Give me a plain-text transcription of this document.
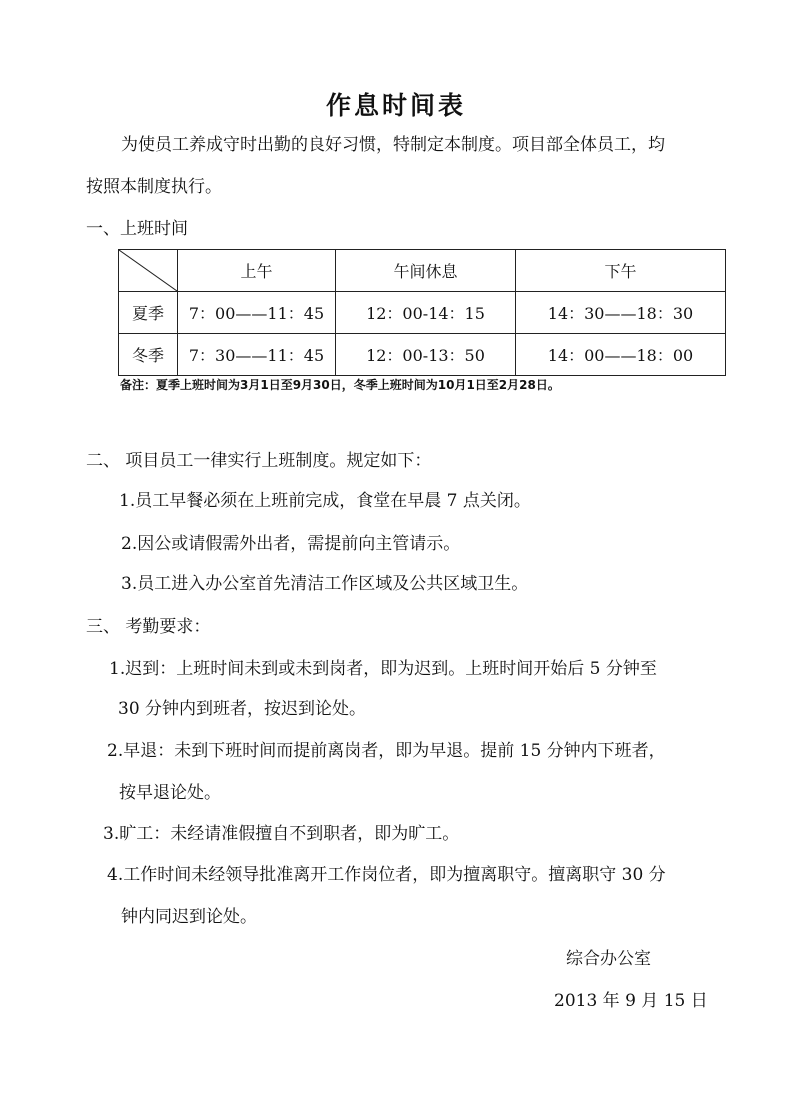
作息时间表
为使员工养成守时出勤的良好习惯，特制定本制度。项目部全体员工，均
按照本制度执行。
一、上班时间
	上午	午间休息	下午
夏季	7：00——11：45	12：00-14：15	14：30——18：30
冬季	7：30——11：45	12：00-13：50	14：00——18：00
备注：夏季上班时间为3月1日至9月30日，冬季上班时间为10月1日至2月28日。
二、 项目员工一律实行上班制度。规定如下：
1.员工早餐必须在上班前完成，食堂在早晨 7 点关闭。
2.因公或请假需外出者，需提前向主管请示。
3.员工进入办公室首先清洁工作区域及公共区域卫生。
三、 考勤要求：
1.迟到：上班时间未到或未到岗者，即为迟到。上班时间开始后 5 分钟至
30 分钟内到班者，按迟到论处。
2.早退：未到下班时间而提前离岗者，即为早退。提前 15 分钟内下班者，
按早退论处。
3.旷工：未经请准假擅自不到职者，即为旷工。
4.工作时间未经领导批准离开工作岗位者，即为擅离职守。擅离职守 30 分
钟内同迟到论处。
综合办公室
2013 年 9 月 15 日
